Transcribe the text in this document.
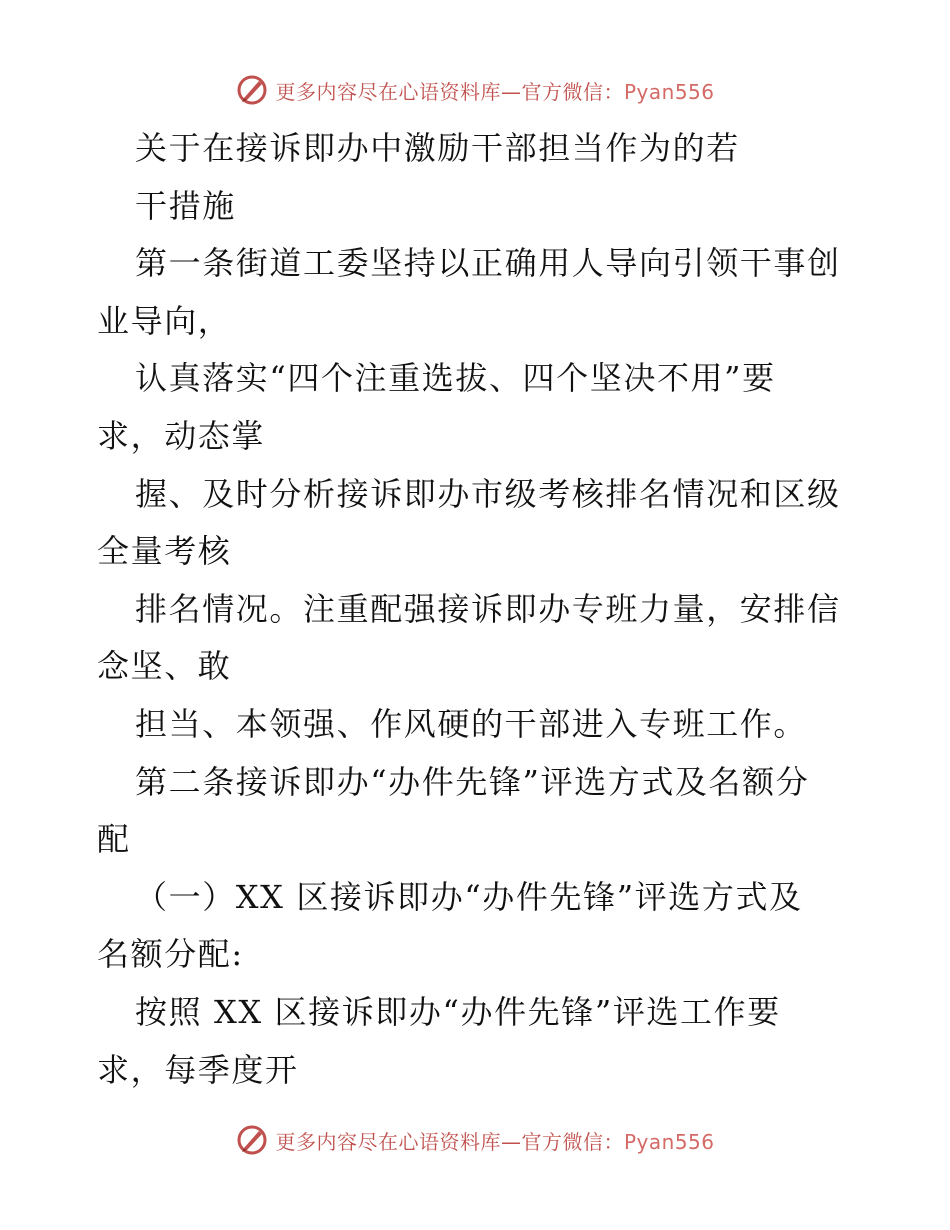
更多内容尽在心语资料库—官方微信：Pyan556
关于在接诉即办中激励干部担当作为的若
干措施
第一条街道工委坚持以正确用人导向引领干事创
业导向，
认真落实“四个注重选拔、四个坚决不用”要
求，动态掌
握、及时分析接诉即办市级考核排名情况和区级
全量考核
排名情况。注重配强接诉即办专班力量，安排信
念坚、敢
担当、本领强、作风硬的干部进入专班工作。
第二条接诉即办“办件先锋”评选方式及名额分
配
（一）XX 区接诉即办“办件先锋”评选方式及
名额分配:
按照 XX 区接诉即办“办件先锋”评选工作要
求，每季度开
更多内容尽在心语资料库—官方微信：Pyan556
